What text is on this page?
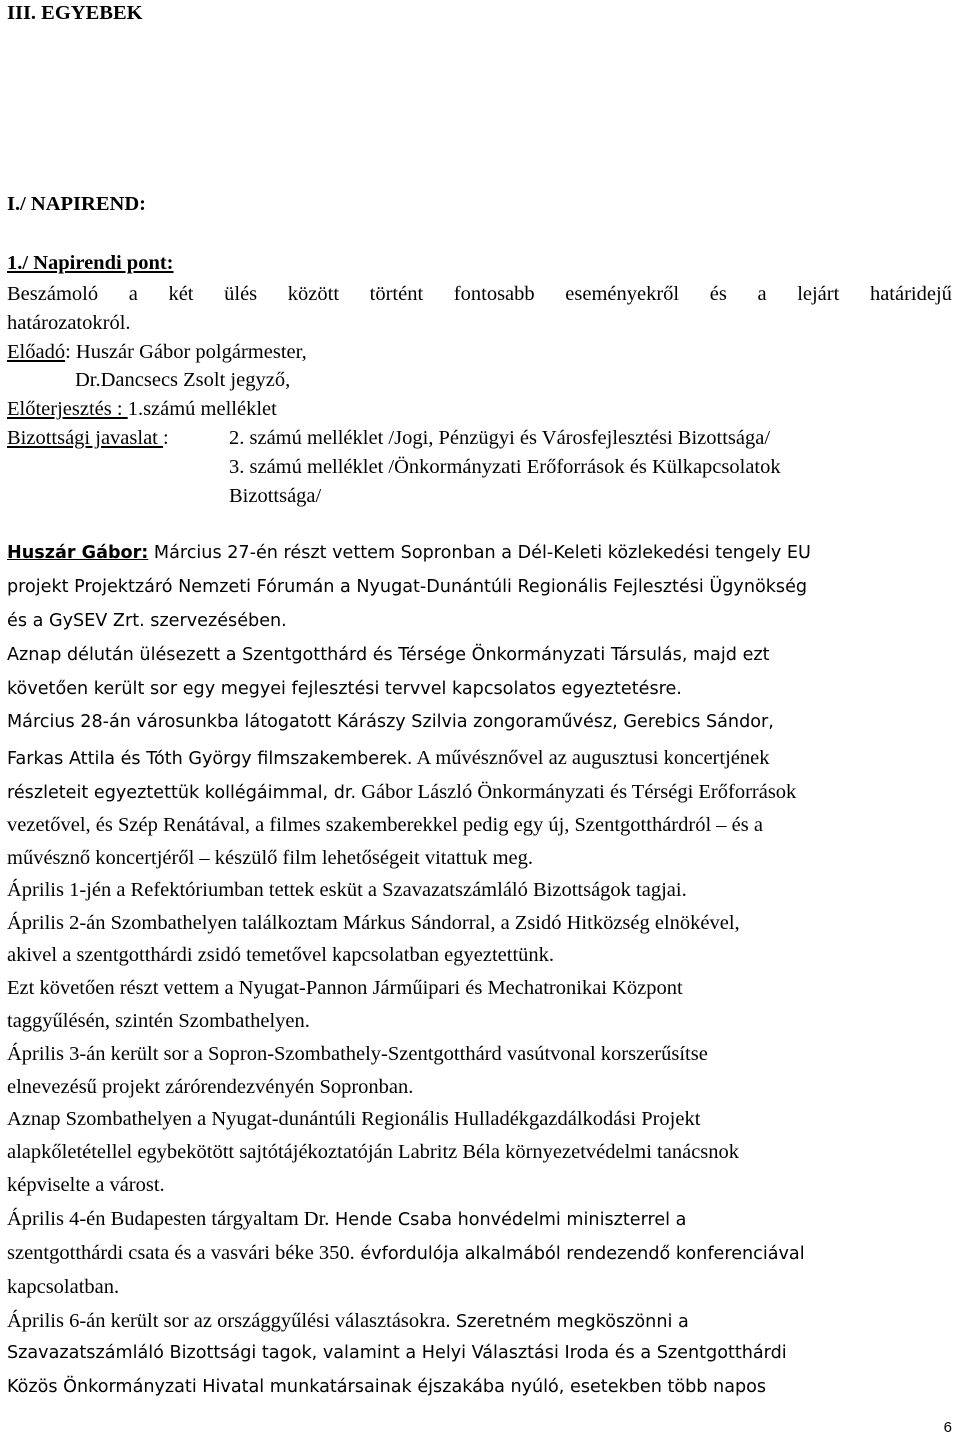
III. EGYEBEK
I./ NAPIREND:
1./ Napirendi pont:
Beszámoló a két ülés között történt fontosabb eseményekről és a lejárt határidejű
határozatokról.
Előadó: Huszár Gábor polgármester,
Dr.Dancsecs Zsolt jegyző,
Előterjesztés : 1.számú melléklet
Bizottsági javaslat :	2. számú melléklet /Jogi, Pénzügyi és Városfejlesztési Bizottsága/
3. számú melléklet /Önkormányzati Erőforrások és Külkapcsolatok
Bizottsága/
Huszár Gábor: Március 27-én részt vettem Sopronban a Dél-Keleti közlekedési tengely EU
projekt Projektzáró Nemzeti Fórumán a Nyugat-Dunántúli Regionális Fejlesztési Ügynökség
és a GySEV Zrt. szervezésében.
Aznap délután ülésezett a Szentgotthárd és Térsége Önkormányzati Társulás, majd ezt
követően került sor egy megyei fejlesztési tervvel kapcsolatos egyeztetésre.
Március 28-án városunkba látogatott Kárászy Szilvia zongoraművész, Gerebics Sándor,
Farkas Attila és Tóth György filmszakemberek. A művésznővel az augusztusi koncertjének
részleteit egyeztettük kollégáimmal, dr. Gábor László Önkormányzati és Térségi Erőforrások
vezetővel, és Szép Renátával, a filmes szakemberekkel pedig egy új, Szentgotthárdról – és a
művésznő koncertjéről – készülő film lehetőségeit vitattuk meg.
Április 1-jén a Refektóriumban tettek esküt a Szavazatszámláló Bizottságok tagjai.
Április 2-án Szombathelyen találkoztam Márkus Sándorral, a Zsidó Hitközség elnökével,
akivel a szentgotthárdi zsidó temetővel kapcsolatban egyeztettünk.
Ezt követően részt vettem a Nyugat-Pannon Járműipari és Mechatronikai Központ
taggyűlésén, szintén Szombathelyen.
Április 3-án került sor a Sopron-Szombathely-Szentgotthárd vasútvonal korszerűsítse
elnevezésű projekt zárórendezvényén Sopronban.
Aznap Szombathelyen a Nyugat-dunántúli Regionális Hulladékgazdálkodási Projekt
alapkőletétellel egybekötött sajtótájékoztatóján Labritz Béla környezetvédelmi tanácsnok
képviselte a várost.
Április 4-én Budapesten tárgyaltam Dr. Hende Csaba honvédelmi miniszterrel a
szentgotthárdi csata és a vasvári béke 350. évfordulója alkalmából rendezendő konferenciával
kapcsolatban.
Április 6-án került sor az országgyűlési választásokra. Szeretném megköszönni a
Szavazatszámláló Bizottsági tagok, valamint a Helyi Választási Iroda és a Szentgotthárdi
Közös Önkormányzati Hivatal munkatársainak éjszakába nyúló, esetekben több napos
6
